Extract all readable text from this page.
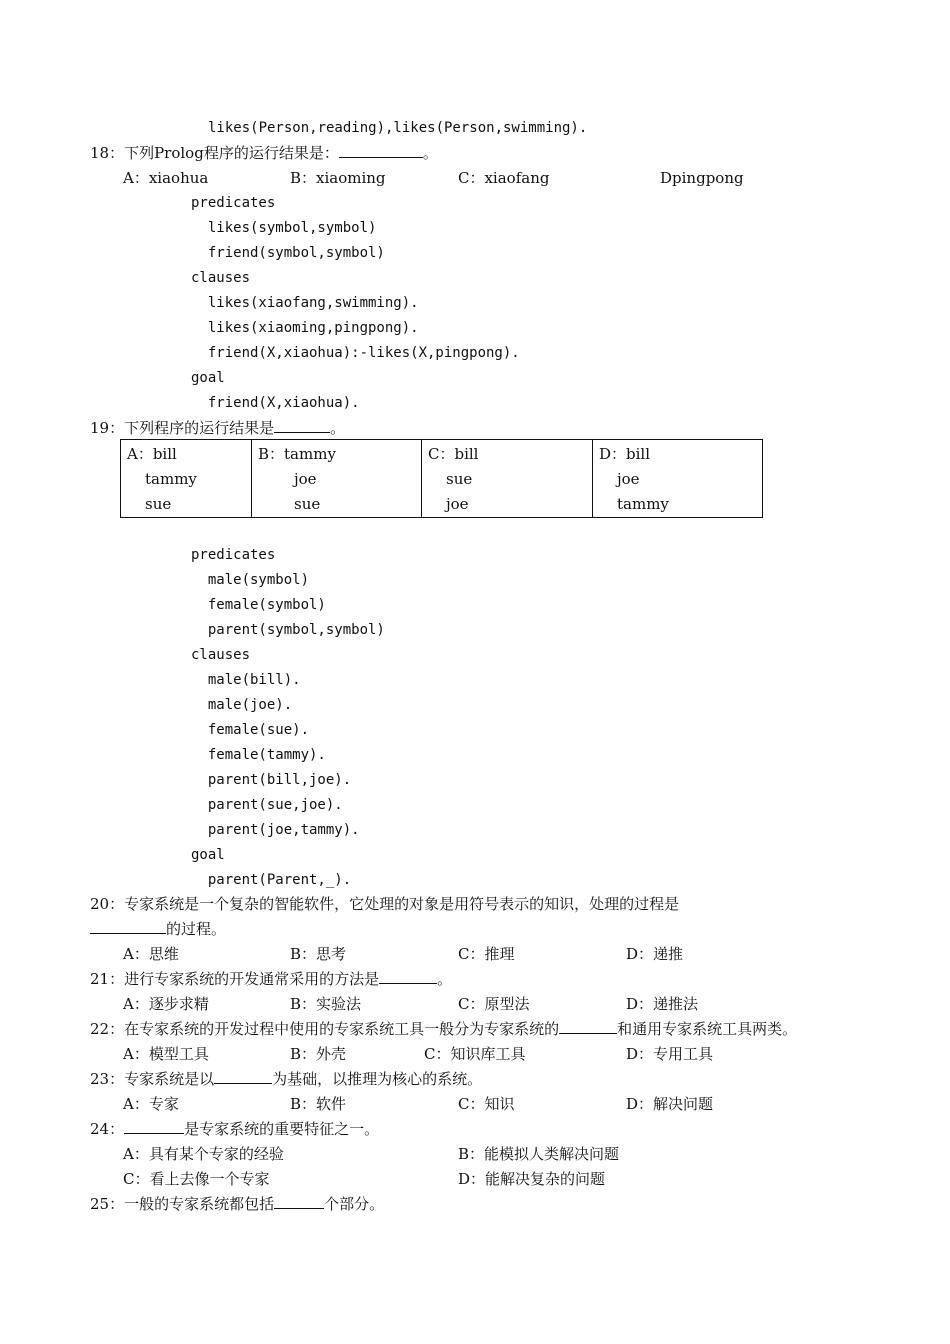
likes(Person,reading),likes(Person,swimming).
18：下列Prolog程序的运行结果是：	。
A：xiaohua	B：xiaoming	C：xiaofang	Dpingpong
predicates
likes(symbol,symbol)
friend(symbol,symbol)
clauses
likes(xiaofang,swimming).
likes(xiaoming,pingpong).
friend(X,xiaohua):-likes(X,pingpong).
goal
friend(X,xiaohua).
19：下列程序的运行结果是	。
A：bill
tammy
sue

B：tammy
joe
sue

C：bill
sue
joe

D：bill
joe
tammy
predicates
male(symbol)
female(symbol)
parent(symbol,symbol)
clauses
male(bill).
male(joe).
female(sue).
female(tammy).
parent(bill,joe).
parent(sue,joe).
parent(joe,tammy).
goal
parent(Parent,_).
20：专家系统是一个复杂的智能软件，它处理的对象是用符号表示的知识，处理的过程是
的过程。
A：思维	B：思考	C：推理	D：递推
21：进行专家系统的开发通常采用的方法是	。
A：逐步求精	B：实验法	C：原型法	D：递推法
22：在专家系统的开发过程中使用的专家系统工具一般分为专家系统的	和通用专家系统工具两类。
A：模型工具	B：外壳	C：知识库工具	D：专用工具
23：专家系统是以	为基础，以推理为核心的系统。
A：专家	B：软件	C：知识	D：解决问题
24：	是专家系统的重要特征之一。
A：具有某个专家的经验	B：能模拟人类解决问题
C：看上去像一个专家	D：能解决复杂的问题
25：一般的专家系统都包括	个部分。
